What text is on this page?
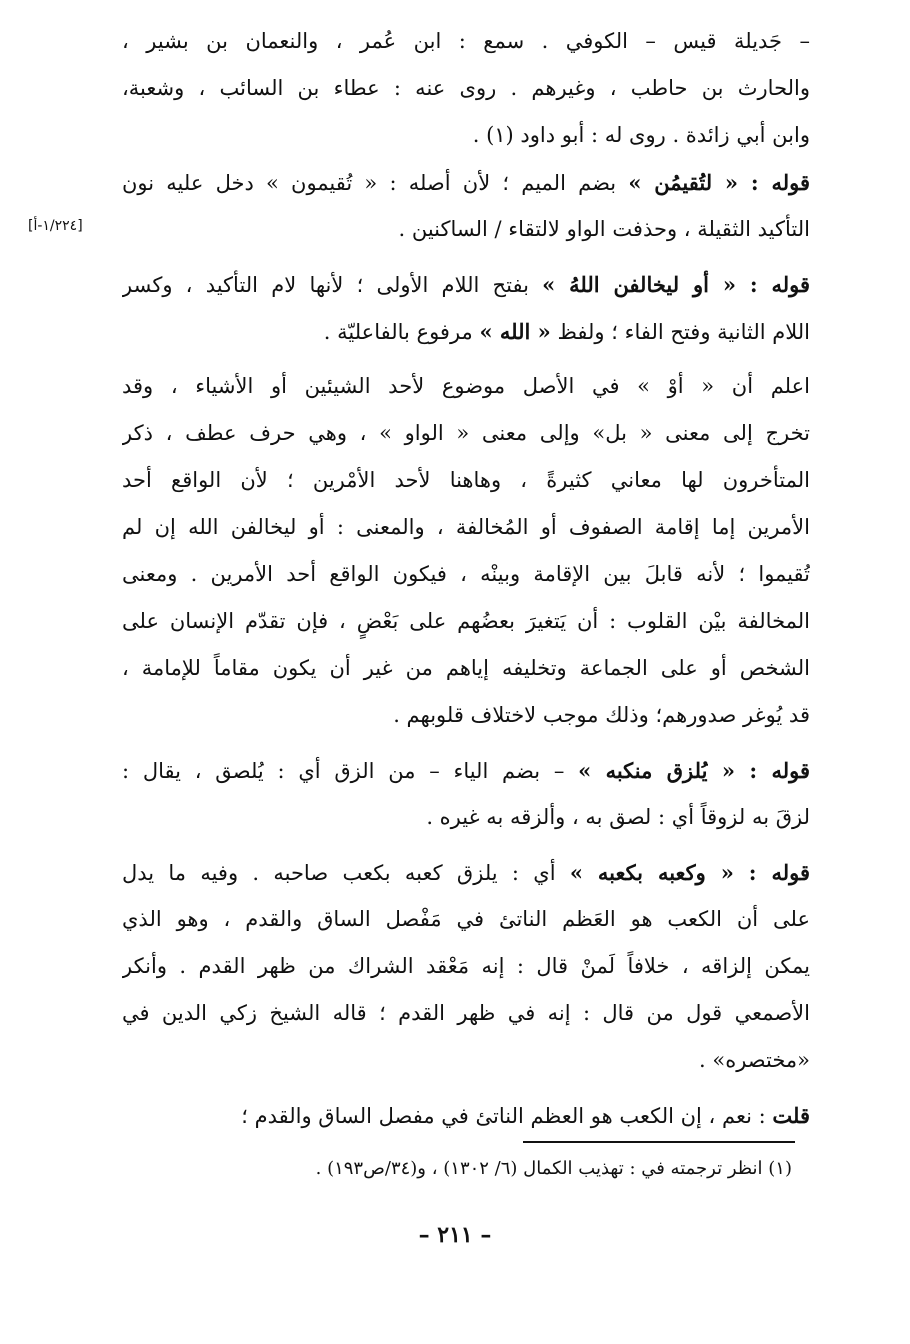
– جَديلة قيس – الكوفي . سمع : ابن عُمر ، والنعمان بن بشير ،
والحارث بن حاطب ، وغيرهم . روى عنه : عطاء بن السائب ، وشعبة،
وابن أبي زائدة . روى له : أبو داود (١) .
قوله : « لتُقيمُن » بضم الميم ؛ لأن أصله : « تُقيمون » دخل عليه نون
التأكيد الثقيلة ، وحذفت الواو لالتقاء / الساكنين .
قوله : « أو ليخالفن اللهُ » بفتح اللام الأولى ؛ لأنها لام التأكيد ، وكسر
اللام الثانية وفتح الفاء ؛ ولفظ « الله » مرفوع بالفاعليّة .
اعلم أن « أوْ » في الأصل موضوع لأحد الشيئين أو الأشياء ، وقد
تخرج إلى معنى « بل» وإلى معنى « الواو » ، وهي حرف عطف ، ذكر
المتأخرون لها معاني كثيرةً ، وهاهنا لأحد الأمْرين ؛ لأن الواقع أحد
الأمرين إما إقامة الصفوف أو المُخالفة ، والمعنى : أو ليخالفن الله إن لم
تُقيموا ؛ لأنه قابلَ بين الإقامة وبينْه ، فيكون الواقع أحد الأمرين . ومعنى
المخالفة بيْن القلوب : أن يَتغيرَ بعضُهم على بَعْضٍ ، فإن تقدّم الإنسان على
الشخص أو على الجماعة وتخليفه إياهم من غير أن يكون مقاماً للإمامة ،
قد يُوغر صدورهم؛ وذلك موجب لاختلاف قلوبهم .
قوله : « يُلزق منكبه » – بضم الياء – من الزق أي : يُلصق ، يقال :
لزقَ به لزوقاً أي : لصق به ، وألزقه به غيره .
قوله : « وكعبه بكعبه » أي : يلزق كعبه بكعب صاحبه . وفيه ما يدل
على أن الكعب هو العَظم الناتئ في مَفْصل الساق والقدم ، وهو الذي
يمكن إلزاقه ، خلافاً لَمنْ قال : إنه مَعْقد الشراك من ظهر القدم . وأنكر
الأصمعي قول من قال : إنه في ظهر القدم ؛ قاله الشيخ زكي الدين في
«مختصره» .
قلت : نعم ، إن الكعب هو العظم الناتئ في مفصل الساق والقدم ؛
[١/٢٢٤-أ]
(١) انظر ترجمته في : تهذيب الكمال (٦/ ١٣٠٢) ، و(٣٤/ص١٩٣) .
– ٢١١ –
